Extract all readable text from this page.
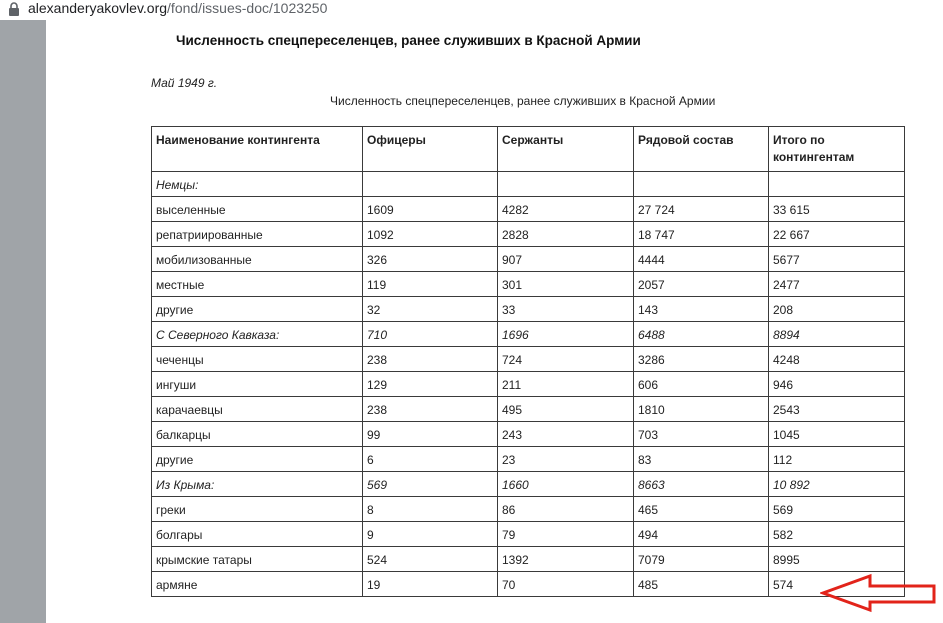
alexanderyakovlev.org/fond/issues-doc/1023250
Численность спецпереселенцев, ранее служивших в Красной Армии
Май 1949 г.
Численность спецпереселенцев, ранее служивших в Красной Армии
Наименование контингента	Офицеры	Сержанты	Рядовой состав	Итого по контингентам
Немцы:				
выселенные	1609	4282	27 724	33 615
репатриированные	1092	2828	18 747	22 667
мобилизованные	326	907	4444	5677
местные	119	301	2057	2477
другие	32	33	143	208
С Северного Кавказа:	710	1696	6488	8894
чеченцы	238	724	3286	4248
ингуши	129	211	606	946
карачаевцы	238	495	1810	2543
балкарцы	99	243	703	1045
другие	6	23	83	112
Из Крыма:	569	1660	8663	10 892
греки	8	86	465	569
болгары	9	79	494	582
крымские татары	524	1392	7079	8995
армяне	19	70	485	574
